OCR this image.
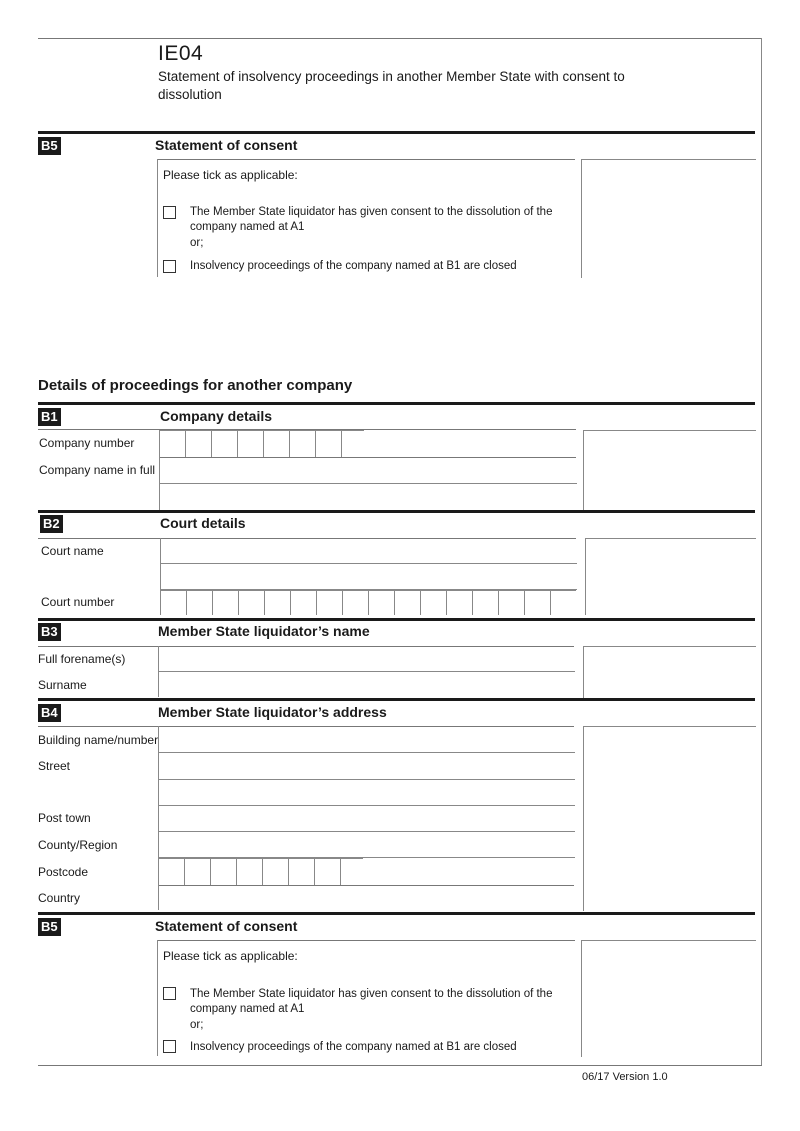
IE04
Statement of insolvency proceedings in another Member State with consent to dissolution
B5	Statement of consent
Please tick as applicable:
The Member State liquidator has given consent to the dissolution of the company named at A1
or;
Insolvency proceedings of the company named at B1 are closed
Details of proceedings for another company
B1	Company details
Company number
Company name in full
B2	Court details
Court name
Court number
B3	Member State liquidator’s name
Full forename(s)
Surname
B4	Member State liquidator’s address
Building name/number
Street
Post town
County/Region
Postcode
Country
B5	Statement of consent
Please tick as applicable:
The Member State liquidator has given consent to the dissolution of the company named at A1
or;
Insolvency proceedings of the company named at B1 are closed
06/17 Version 1.0
